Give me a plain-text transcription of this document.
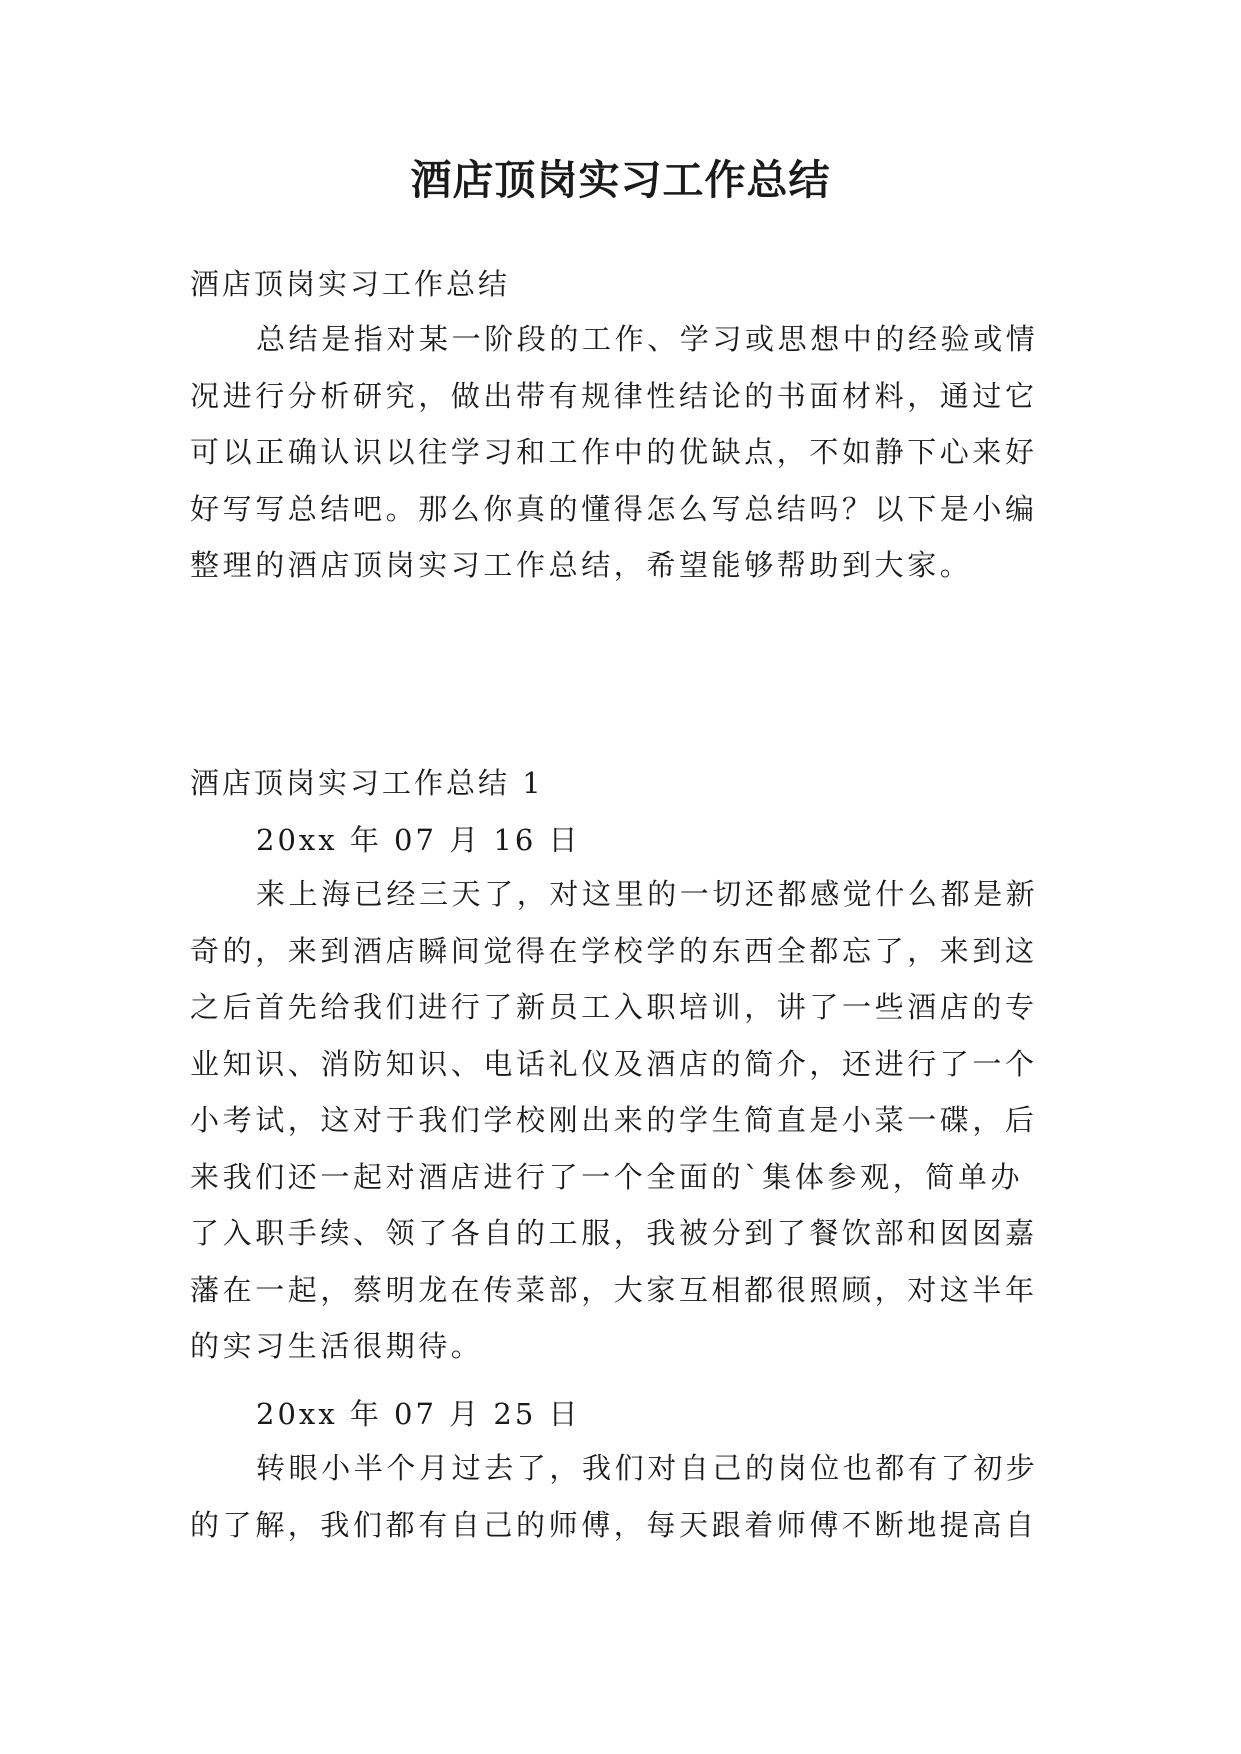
酒店顶岗实习工作总结

酒店顶岗实习工作总结

总结是指对某一阶段的工作、学习或思想中的经验或情
况进行分析研究，做出带有规律性结论的书面材料，通过它
可以正确认识以往学习和工作中的优缺点，不如静下心来好
好写写总结吧。那么你真的懂得怎么写总结吗？以下是小编
整理的酒店顶岗实习工作总结，希望能够帮助到大家。

酒店顶岗实习工作总结 1

20xx 年 07 月 16 日

来上海已经三天了，对这里的一切还都感觉什么都是新
奇的，来到酒店瞬间觉得在学校学的东西全都忘了，来到这
之后首先给我们进行了新员工入职培训，讲了一些酒店的专
业知识、消防知识、电话礼仪及酒店的简介，还进行了一个
小考试，这对于我们学校刚出来的学生简直是小菜一碟，后
来我们还一起对酒店进行了一个全面的`集体参观，简单办
了入职手续、领了各自的工服，我被分到了餐饮部和囡囡嘉
藩在一起，蔡明龙在传菜部，大家互相都很照顾，对这半年
的实习生活很期待。

20xx 年 07 月 25 日

转眼小半个月过去了，我们对自己的岗位也都有了初步
的了解，我们都有自己的师傅，每天跟着师傅不断地提高自
